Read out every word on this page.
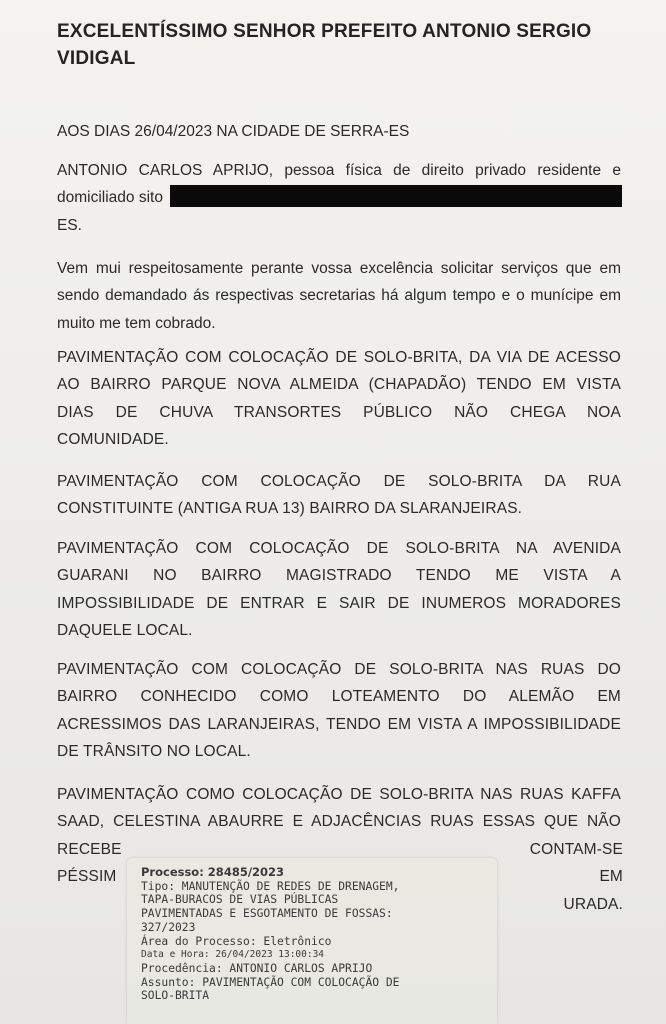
EXCELENTÍSSIMO SENHOR PREFEITO ANTONIO SERGIO VIDIGAL
AOS DIAS 26/04/2023 NA CIDADE DE SERRA-ES
ANTONIO CARLOS APRIJO, pessoa física de direito privado residente e
domiciliado sito
ES.
Vem mui respeitosamente perante vossa excelência solicitar serviços que em
sendo demandado ás respectivas secretarias há algum tempo e o munícipe em
muito me tem cobrado.
PAVIMENTAÇÃO COM COLOCAÇÃO DE SOLO-BRITA, DA VIA DE ACESSO
AO BAIRRO PARQUE NOVA ALMEIDA (CHAPADÃO) TENDO EM VISTA
DIAS DE CHUVA TRANSORTES PÚBLICO NÃO CHEGA NOA
COMUNIDADE.
PAVIMENTAÇÃO COM COLOCAÇÃO DE SOLO-BRITA DA RUA
CONSTITUINTE (ANTIGA RUA 13) BAIRRO DA SLARANJEIRAS.
PAVIMENTAÇÃO COM COLOCAÇÃO DE SOLO-BRITA NA AVENIDA
GUARANI NO BAIRRO MAGISTRADO TENDO ME VISTA A
IMPOSSIBILIDADE DE ENTRAR E SAIR DE INUMEROS MORADORES
DAQUELE LOCAL.
PAVIMENTAÇÃO COM COLOCAÇÃO DE SOLO-BRITA NAS RUAS DO
BAIRRO CONHECIDO COMO LOTEAMENTO DO ALEMÃO EM
ACRESSIMOS DAS LARANJEIRAS, TENDO EM VISTA A IMPOSSIBILIDADE
DE TRÂNSITO NO LOCAL.
PAVIMENTAÇÃO COMO COLOCAÇÃO DE SOLO-BRITA NAS RUAS KAFFA
SAAD, CELESTINA ABAURRE E ADJACÊNCIAS RUAS ESSAS QUE NÃO
RECEBE
PÉSSIM
CONTAM-SE EM
URADA.
Processo: 28485/2023
Tipo: MANUTENÇÃO DE REDES DE DRENAGEM,
TAPA-BURACOS DE VIAS PÚBLICAS
PAVIMENTADAS E ESGOTAMENTO DE FOSSAS:
327/2023
Área do Processo: Eletrônico
Data e Hora: 26/04/2023 13:00:34
Procedência: ANTONIO CARLOS APRIJO
Assunto: PAVIMENTAÇÃO COM COLOCAÇÃO DE
SOLO-BRITA
